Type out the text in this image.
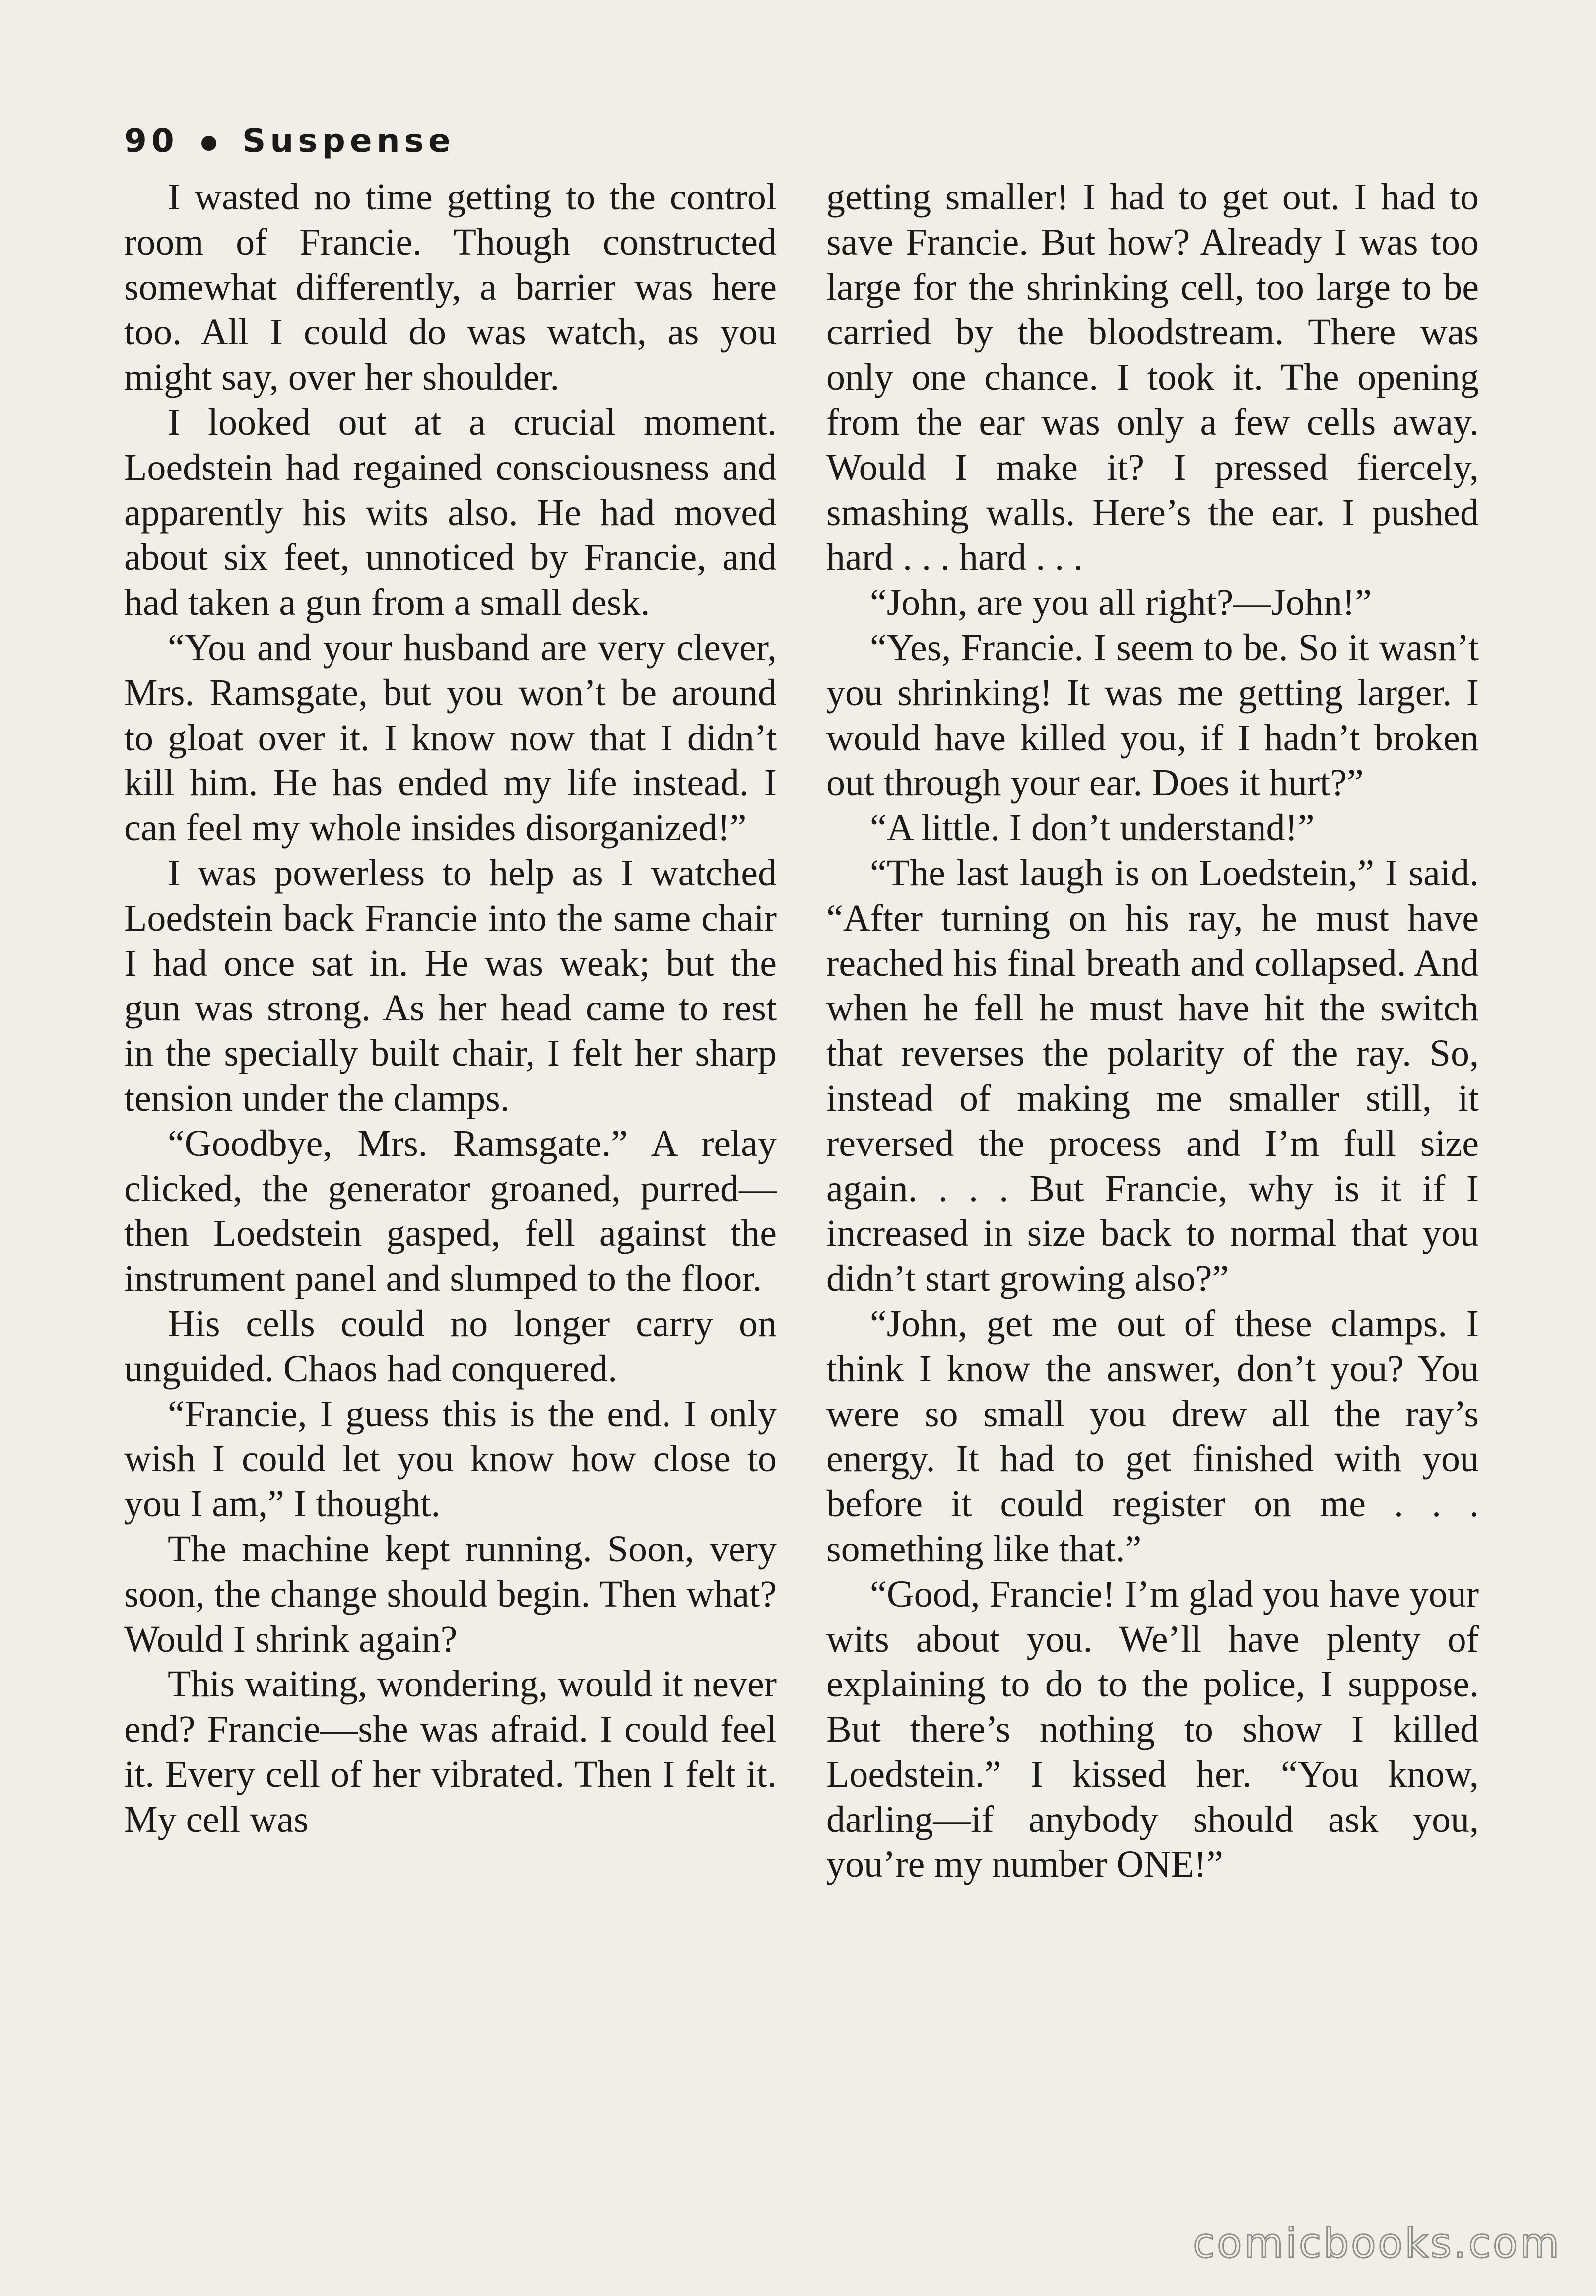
90 Suspense

I wasted no time getting to the control room of Francie. Though constructed somewhat differently, a barrier was here too. All I could do was watch, as you might say, over her shoulder.

I looked out at a crucial moment. Loedstein had regained consciousness and apparently his wits also. He had moved about six feet, unnoticed by Francie, and had taken a gun from a small desk.

“You and your husband are very clever, Mrs. Ramsgate, but you won’t be around to gloat over it. I know now that I didn’t kill him. He has ended my life instead. I can feel my whole insides disorganized!”

I was powerless to help as I watched Loedstein back Francie into the same chair I had once sat in. He was weak; but the gun was strong. As her head came to rest in the specially built chair, I felt her sharp tension under the clamps.

“Goodbye, Mrs. Ramsgate.” A relay clicked, the generator groaned, purred—then Loedstein gasped, fell against the instrument panel and slumped to the floor.

His cells could no longer carry on unguided. Chaos had conquered.

“Francie, I guess this is the end. I only wish I could let you know how close to you I am,” I thought.

The machine kept running. Soon, very soon, the change should begin. Then what? Would I shrink again?

This waiting, wondering, would it never end? Francie—she was afraid. I could feel it. Every cell of her vibrated. Then I felt it. My cell was

getting smaller! I had to get out. I had to save Francie. But how? Already I was too large for the shrinking cell, too large to be carried by the bloodstream. There was only one chance. I took it. The opening from the ear was only a few cells away. Would I make it? I pressed fiercely, smashing walls. Here’s the ear. I pushed hard . . . hard . . .

“John, are you all right?—John!”

“Yes, Francie. I seem to be. So it wasn’t you shrinking! It was me getting larger. I would have killed you, if I hadn’t broken out through your ear. Does it hurt?”

“A little. I don’t understand!”

“The last laugh is on Loedstein,” I said. “After turning on his ray, he must have reached his final breath and collapsed. And when he fell he must have hit the switch that reverses the polarity of the ray. So, instead of making me smaller still, it reversed the process and I’m full size again. . . . But Francie, why is it if I increased in size back to normal that you didn’t start growing also?”

“John, get me out of these clamps. I think I know the answer, don’t you? You were so small you drew all the ray’s energy. It had to get finished with you before it could register on me . . . something like that.”

“Good, Francie! I’m glad you have your wits about you. We’ll have plenty of explaining to do to the police, I suppose. But there’s nothing to show I killed Loedstein.” I kissed her. “You know, darling—if anybody should ask you, you’re my number ONE!”

comicbooks.com
